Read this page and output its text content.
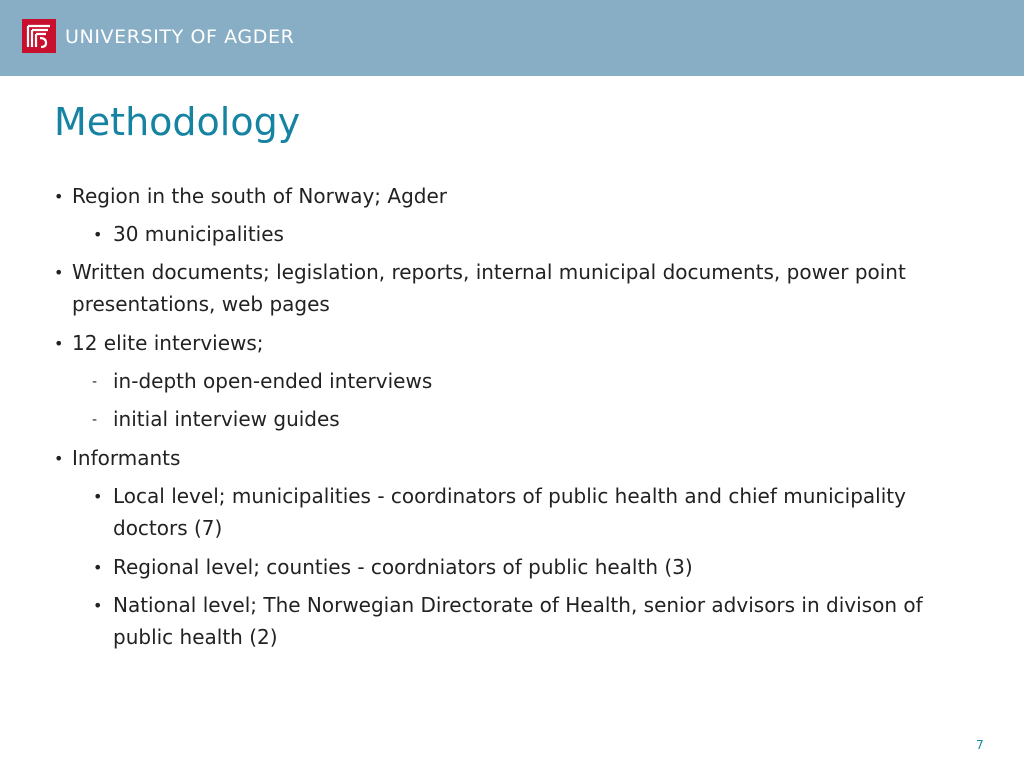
UNIVERSITY OF AGDER
Methodology
• Region in the south of Norway; Agder
• 30 municipalities
• Written documents; legislation, reports, internal municipal documents, power point presentations, web pages
• 12 elite interviews;
- in-depth open-ended interviews
- initial interview guides
• Informants
• Local level; municipalities - coordinators of public health and chief municipality doctors (7)
• Regional level; counties - coordniators of public health (3)
• National level; The Norwegian Directorate of Health, senior advisors in divison of public health (2)
7
